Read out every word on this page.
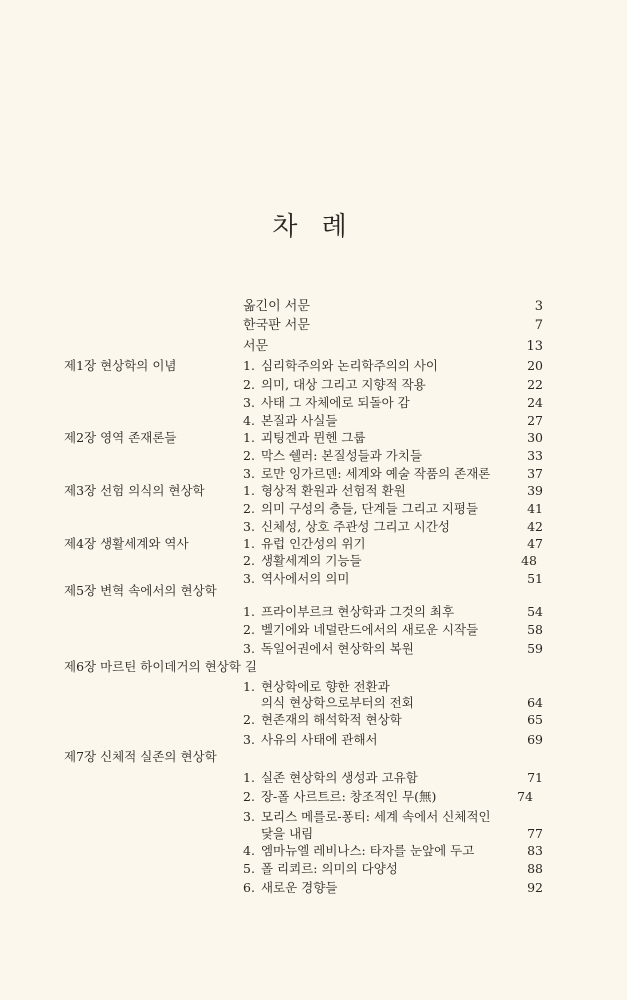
차 례
옮긴이 서문	3
한국판 서문	7
서문	13
제1장 현상학의 이념	1. 심리학주의와 논리학주의의 사이	20
2. 의미, 대상 그리고 지향적 작용	22
3. 사태 그 자체에로 되돌아 감	24
4. 본질과 사실들	27
제2장 영역 존재론들	1. 괴팅겐과 뮌헨 그룹	30
2. 막스 쉘러: 본질성들과 가치들	33
3. 로만 잉가르덴: 세계와 예술 작품의 존재론	37
제3장 선험 의식의 현상학	1. 형상적 환원과 선험적 환원	39
2. 의미 구성의 층들, 단계들 그리고 지평들	41
3. 신체성, 상호 주관성 그리고 시간성	42
제4장 생활세계와 역사	1. 유럽 인간성의 위기	47
2. 생활세계의 기능들	48
3. 역사에서의 의미	51
제5장 변혁 속에서의 현상학
1. 프라이부르크 현상학과 그것의 최후	54
2. 벨기에와 네덜란드에서의 새로운 시작들	58
3. 독일어권에서 현상학의 복원	59
제6장 마르틴 하이데거의 현상학 길
1. 현상학에로 향한 전환과
의식 현상학으로부터의 전회	64
2. 현존재의 해석학적 현상학	65
3. 사유의 사태에 관해서	69
제7장 신체적 실존의 현상학
1. 실존 현상학의 생성과 고유함	71
2. 장-폴 사르트르: 창조적인 무(無)	74
3. 모리스 메를로-퐁티: 세계 속에서 신체적인
닻을 내림	77
4. 엠마뉴엘 레비나스: 타자를 눈앞에 두고	83
5. 폴 리쾨르: 의미의 다양성	88
6. 새로운 경향들	92
